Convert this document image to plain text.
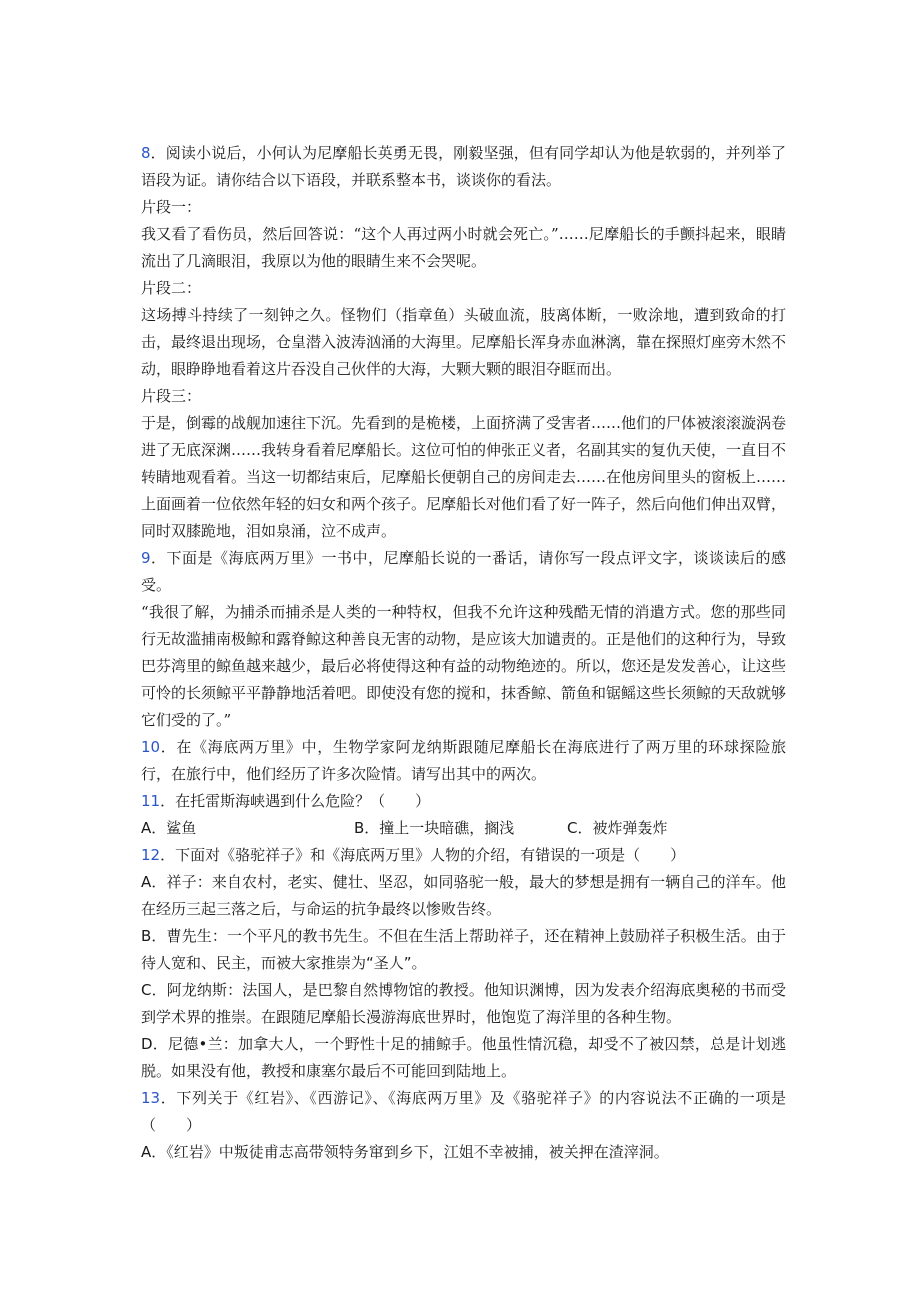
8．阅读小说后，小何认为尼摩船长英勇无畏，刚毅坚强，但有同学却认为他是软弱的，并列举了语段为证。请你结合以下语段，并联系整本书，谈谈你的看法。

片段一：

我又看了看伤员，然后回答说：“这个人再过两小时就会死亡。”……尼摩船长的手颤抖起来，眼睛流出了几滴眼泪，我原以为他的眼睛生来不会哭呢。

片段二：

这场搏斗持续了一刻钟之久。怪物们（指章鱼）头破血流，肢离体断，一败涂地，遭到致命的打击，最终退出现场，仓皇潜入波涛汹涌的大海里。尼摩船长浑身赤血淋漓，靠在探照灯座旁木然不动，眼睁睁地看着这片吞没自己伙伴的大海，大颗大颗的眼泪夺眶而出。

片段三：

于是，倒霉的战舰加速往下沉。先看到的是桅楼，上面挤满了受害者……他们的尸体被滚滚漩涡卷进了无底深渊……我转身看着尼摩船长。这位可怕的伸张正义者，名副其实的复仇天使，一直目不转睛地观看着。当这一切都结束后，尼摩船长便朝自己的房间走去……在他房间里头的窗板上……上面画着一位依然年轻的妇女和两个孩子。尼摩船长对他们看了好一阵子，然后向他们伸出双臂，同时双膝跪地，泪如泉涌，泣不成声。

9．下面是《海底两万里》一书中，尼摩船长说的一番话，请你写一段点评文字，谈谈读后的感受。

“我很了解，为捕杀而捕杀是人类的一种特权，但我不允许这种残酷无情的消遣方式。您的那些同行无故滥捕南极鲸和露脊鲸这种善良无害的动物，是应该大加谴责的。正是他们的这种行为，导致巴芬湾里的鲸鱼越来越少，最后必将使得这种有益的动物绝迹的。所以，您还是发发善心，让这些可怜的长须鲸平平静静地活着吧。即使没有您的搅和，抹香鲸、箭鱼和锯鳐这些长须鲸的天敌就够它们受的了。”

10．在《海底两万里》中，生物学家阿龙纳斯跟随尼摩船长在海底进行了两万里的环球探险旅行，在旅行中，他们经历了许多次险情。请写出其中的两次。

11．在托雷斯海峡遇到什么危险？（　　）

A．鲨鱼	B．撞上一块暗礁，搁浅	C．被炸弹轰炸

12．下面对《骆驼祥子》和《海底两万里》人物的介绍，有错误的一项是（　　）

A．祥子：来自农村，老实、健壮、坚忍，如同骆驼一般，最大的梦想是拥有一辆自己的洋车。他在经历三起三落之后，与命运的抗争最终以惨败告终。

B．曹先生：一个平凡的教书先生。不但在生活上帮助祥子，还在精神上鼓励祥子积极生活。由于待人宽和、民主，而被大家推崇为“圣人”。

C．阿龙纳斯：法国人，是巴黎自然博物馆的教授。他知识渊博，因为发表介绍海底奥秘的书而受到学术界的推崇。在跟随尼摩船长漫游海底世界时，他饱览了海洋里的各种生物。

D．尼德•兰：加拿大人，一个野性十足的捕鲸手。他虽性情沉稳，却受不了被囚禁，总是计划逃脱。如果没有他，教授和康塞尔最后不可能回到陆地上。

13．下列关于《红岩》、《西游记》、《海底两万里》及《骆驼祥子》的内容说法不正确的一项是（　　）

A．《红岩》中叛徒甫志高带领特务窜到乡下，江姐不幸被捕，被关押在渣滓洞。
